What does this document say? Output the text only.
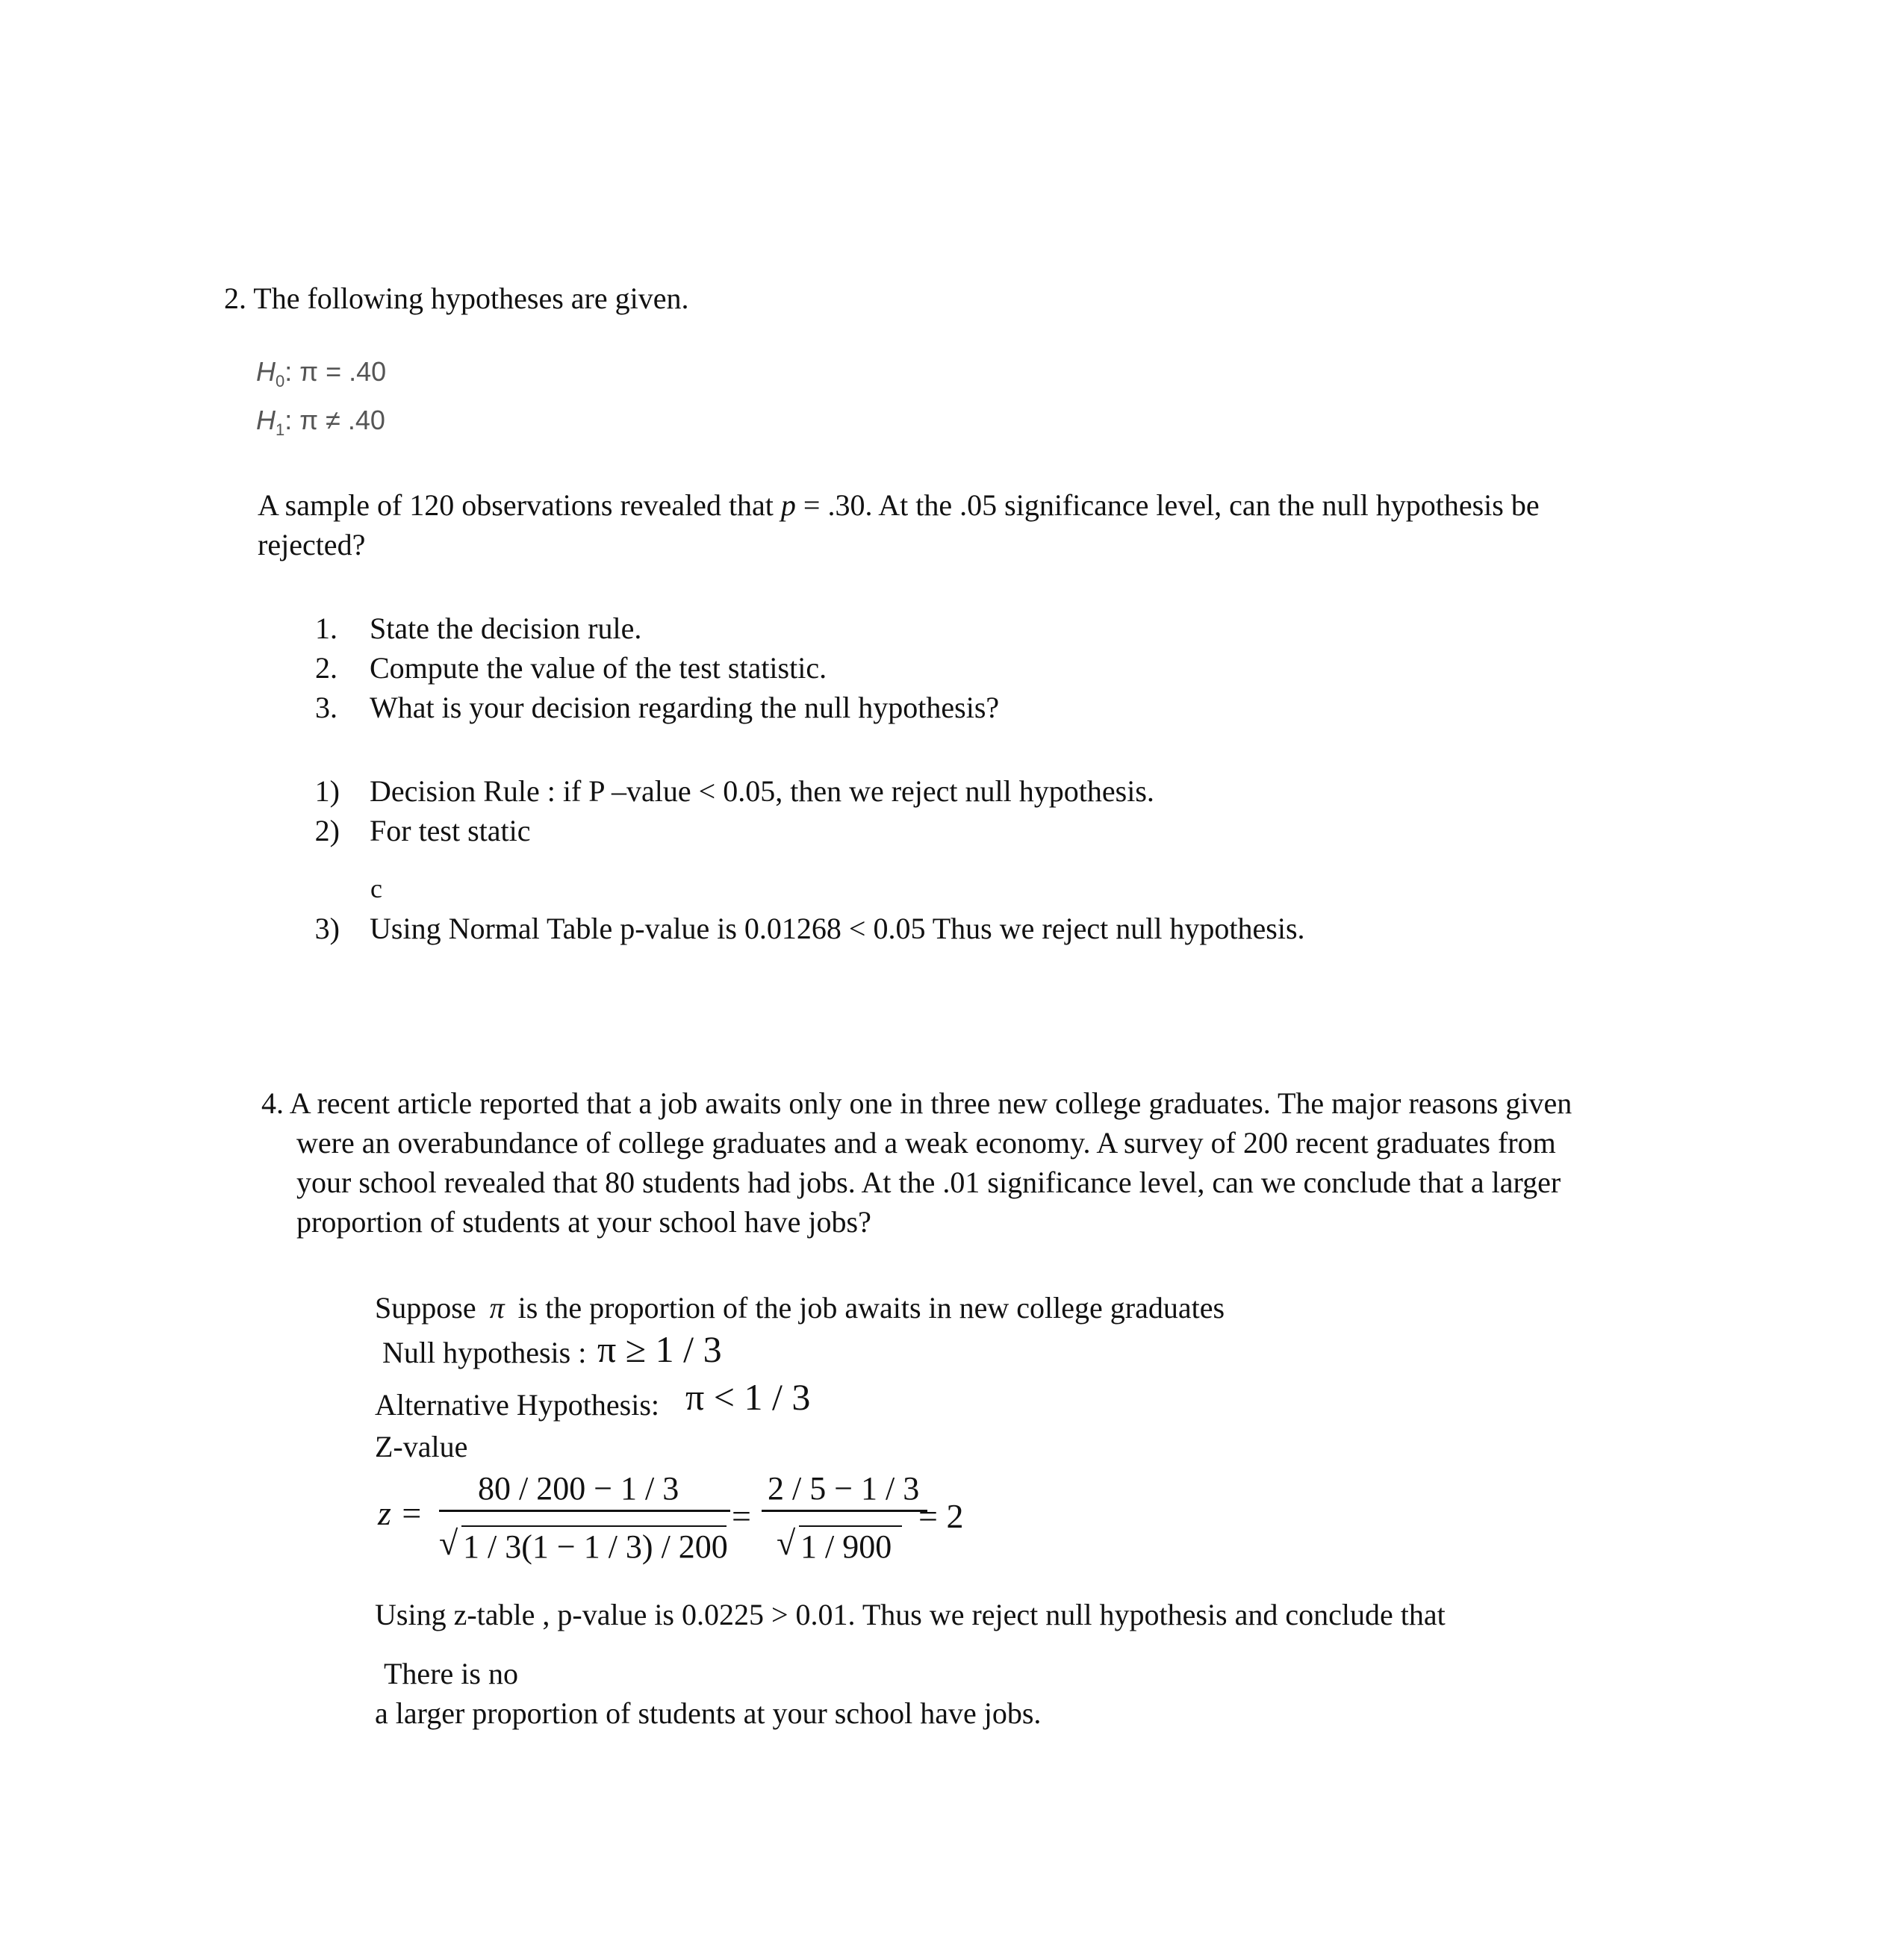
2. The following hypotheses are given.
$H_0$: π = .40
$H_1$: π ≠ .40
A sample of 120 observations revealed that p = .30. At the .05 significance level, can the null hypothesis be
rejected?
1. State the decision rule.
2. Compute the value of the test statistic.
3. What is your decision regarding the null hypothesis?
1) Decision Rule : if P –value < 0.05, then we reject null hypothesis.
2) For test static
c
3) Using Normal Table p-value is 0.01268 < 0.05 Thus we reject null hypothesis.
4. A recent article reported that a job awaits only one in three new college graduates. The major reasons given
were an overabundance of college graduates and a weak economy. A survey of 200 recent graduates from
your school revealed that 80 students had jobs. At the .01 significance level, can we conclude that a larger
proportion of students at your school have jobs?
Suppose π is the proportion of the job awaits in new college graduates
Null hypothesis : π ≥ 1 / 3
Alternative Hypothesis: π < 1 / 3
Z-value
z =
80 / 200 − 1 / 3
√ 1 / 3(1 − 1 / 3) / 200
=
2 / 5 − 1 / 3
√ 1 / 900
= 2
Using z-table , p-value is 0.0225 > 0.01. Thus we reject null hypothesis and conclude that
There is no
a larger proportion of students at your school have jobs.
